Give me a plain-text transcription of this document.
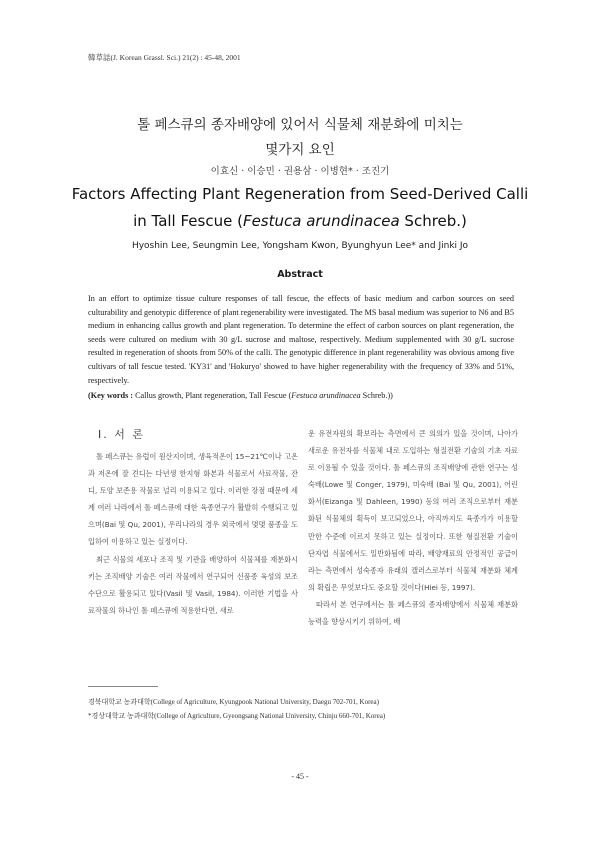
韓草誌(J. Korean Grassl. Sci.) 21(2) : 45-48, 2001
톨 페스큐의 종자배양에 있어서 식물체 재분화에 미치는
몇가지 요인
이효신 · 이승민 · 권용삼 · 이병현* · 조진기
Factors Affecting Plant Regeneration from Seed-Derived Calli
in Tall Fescue (Festuca arundinacea Schreb.)
Hyoshin Lee, Seungmin Lee, Yongsham Kwon, Byunghyun Lee* and Jinki Jo
Abstract
In an effort to optimize tissue culture responses of tall fescue, the effects of basic medium and carbon sources on seed culturability and genotypic difference of plant regenerability were investigated. The MS basal medium was superior to N6 and B5 medium in enhancing callus growth and plant regeneration. To determine the effect of carbon sources on plant regeneration, the seeds were cultured on medium with 30 g/L sucrose and maltose, respectively. Medium supplemented with 30 g/L sucrose resulted in regeneration of shoots from 50% of the calli. The genotypic difference in plant regenerability was obvious among five cultivars of tall fescue tested. 'KY31' and 'Hokuryo' showed to have higher regenerability with the frequency of 33% and 51%, respectively.
(Key words : Callus growth, Plant regeneration, Tall Fescue (Festuca arundinacea Schreb.))
I. 서 론

톨 페스큐는 유럽이 원산지이며, 생육적온이 15~21℃이나 고온과 저온에 잘 견디는 다년생 한지형 화본과 식물로서 사료작물, 잔디, 토양 보존용 작물로 널리 이용되고 있다. 이러한 장점 때문에 세계 여러 나라에서 톨 페스큐에 대한 육종연구가 활발히 수행되고 있으며(Bai 및 Qu, 2001), 우리나라의 경우 외국에서 몇몇 품종을 도입하여 이용하고 있는 실정이다.

최근 식물의 세포나 조직 및 기관을 배양하여 식물체를 재분화시키는 조직배양 기술은 여러 작물에서 연구되어 신품종 육성의 보조수단으로 활용되고 있다(Vasil 및 Vasil, 1984). 이러한 기법을 사료작물의 하나인 톨 페스큐에 적용한다면, 새로

운 유전자원의 확보라는 측면에서 큰 의의가 있을 것이며, 나아가 새로운 유전자를 식물체 내로 도입하는 형질전환 기술의 기초 자료로 이용될 수 있을 것이다. 톨 페스큐의 조직배양에 관한 연구는 성숙배(Lowe 및 Conger, 1979), 미숙배 (Bai 및 Qu, 2001), 어린 화서(Eizanga 및 Dahleen, 1990) 등의 여러 조직으로부터 재분화된 식물체의 획득이 보고되었으나, 아직까지도 육종가가 이용할 만한 수준에 이르지 못하고 있는 실정이다. 또한 형질전환 기술이 단자엽 식물에서도 일반화됨에 따라, 배양재료의 안정적인 공급이라는 측면에서 성숙종자 유래의 캘러스로부터 식물체 재분화 체계의 확립은 무엇보다도 중요할 것이다(Hiei 등, 1997).

따라서 본 연구에서는 톨 페스큐의 종자배양에서 식물체 재분화 능력을 향상시키기 위하여, 배

경북대학교 농과대학(College of Agriculture, Kyungpook National University, Daegu 702-701, Korea)
*경상대학교 농과대학(College of Agriculture, Gyeongsang National University, Chinju 660-701, Korea)
- 45 -
